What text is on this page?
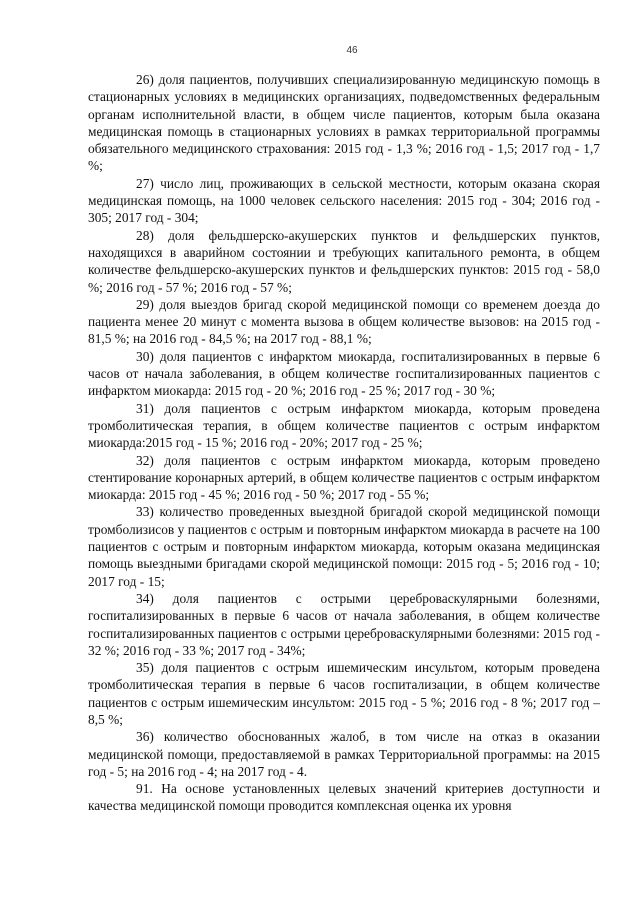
46

26) доля пациентов, получивших специализированную медицинскую помощь в стационарных условиях в медицинских организациях, подведомственных федеральным органам исполнительной власти, в общем числе пациентов, которым была оказана медицинская помощь в стационарных условиях в рамках территориальной программы обязательного медицинского страхования: 2015 год - 1,3 %; 2016 год - 1,5; 2017 год - 1,7 %;

27) число лиц, проживающих в сельской местности, которым оказана скорая медицинская помощь, на 1000 человек сельского населения: 2015 год - 304; 2016 год - 305; 2017 год - 304;

28) доля фельдшерско-акушерских пунктов и фельдшерских пунктов, находящихся в аварийном состоянии и требующих капитального ремонта, в общем количестве фельдшерско-акушерских пунктов и фельдшерских пунктов: 2015 год - 58,0 %; 2016 год - 57 %; 2016 год - 57 %;

29) доля выездов бригад скорой медицинской помощи со временем доезда до пациента менее 20 минут с момента вызова в общем количестве вызовов: на 2015 год - 81,5 %; на 2016 год - 84,5 %; на 2017 год - 88,1 %;

30) доля пациентов с инфарктом миокарда, госпитализированных в первые 6 часов от начала заболевания, в общем количестве госпитализированных пациентов с инфарктом миокарда: 2015 год - 20 %; 2016 год - 25 %; 2017 год - 30 %;

31) доля пациентов с острым инфарктом миокарда, которым проведена тромболитическая терапия, в общем количестве пациентов с острым инфарктом миокарда:2015 год - 15 %; 2016 год - 20%; 2017 год - 25 %;

32) доля пациентов с острым инфарктом миокарда, которым проведено стентирование коронарных артерий, в общем количестве пациентов с острым инфарктом миокарда: 2015 год - 45 %; 2016 год - 50 %; 2017 год - 55 %;

33) количество проведенных выездной бригадой скорой медицинской помощи тромболизисов у пациентов с острым и повторным инфарктом миокарда в расчете на 100 пациентов с острым и повторным инфарктом миокарда, которым оказана медицинская помощь выездными бригадами скорой медицинской помощи: 2015 год - 5; 2016 год - 10; 2017 год - 15;

34) доля пациентов с острыми цереброваскулярными болезнями, госпитализированных в первые 6 часов от начала заболевания, в общем количестве госпитализированных пациентов с острыми цереброваскулярными болезнями: 2015 год - 32 %; 2016 год - 33 %; 2017 год - 34%;

35) доля пациентов с острым ишемическим инсультом, которым проведена тромболитическая терапия в первые 6 часов госпитализации, в общем количестве пациентов с острым ишемическим инсультом: 2015 год - 5 %; 2016 год - 8 %; 2017 год – 8,5 %;

36) количество обоснованных жалоб, в том числе на отказ в оказании медицинской помощи, предоставляемой в рамках Территориальной программы: на 2015 год - 5; на 2016 год - 4; на 2017 год - 4.

91. На основе установленных целевых значений критериев доступности и качества медицинской помощи проводится комплексная оценка их уровня
